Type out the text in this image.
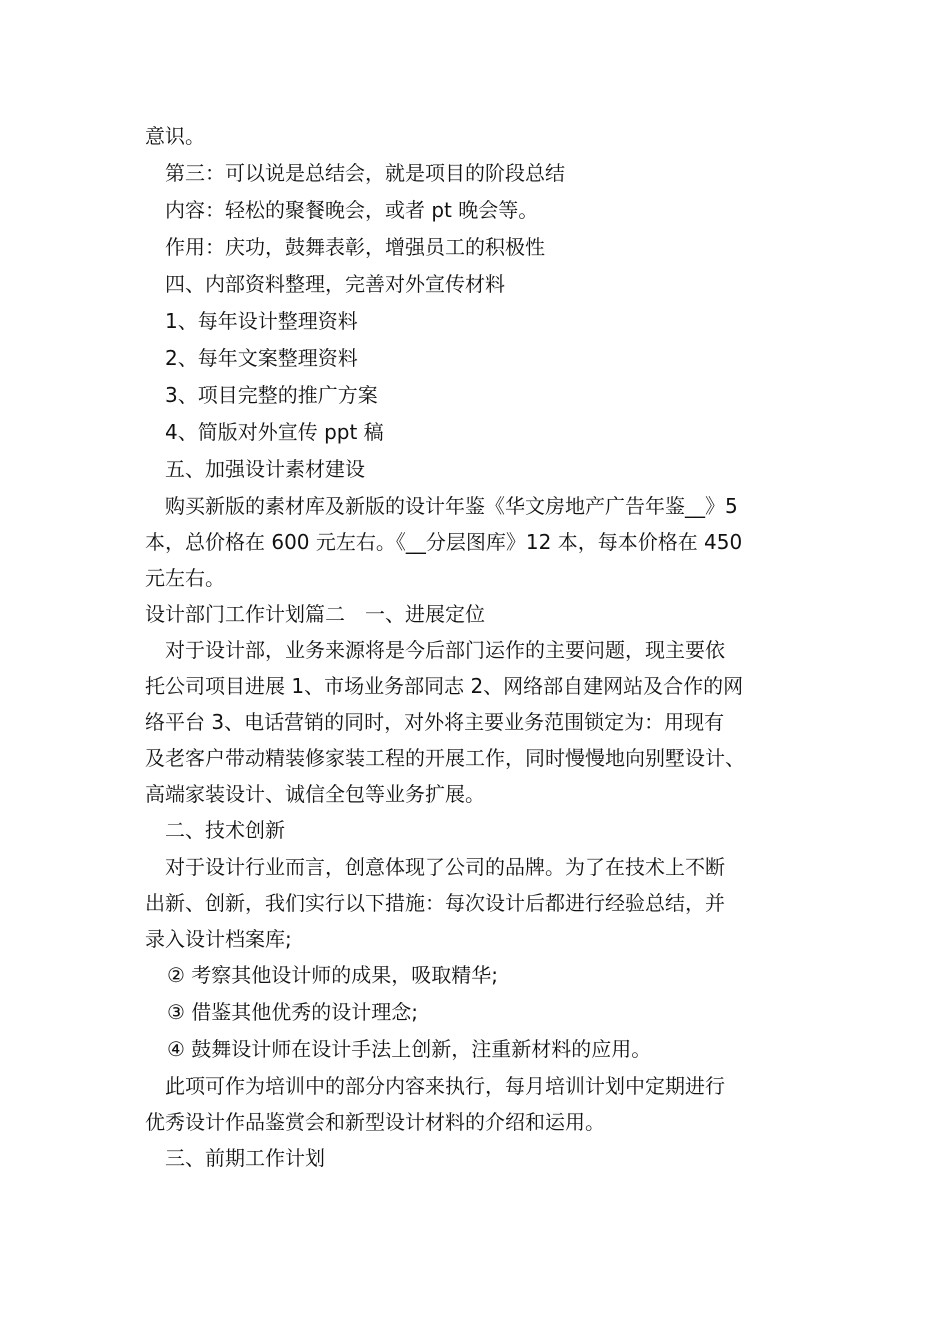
意识。
第三：可以说是总结会，就是项目的阶段总结
内容：轻松的聚餐晚会，或者 pt 晚会等。
作用：庆功，鼓舞表彰，增强员工的积极性
四、内部资料整理，完善对外宣传材料
1、每年设计整理资料
2、每年文案整理资料
3、项目完整的推广方案
4、简版对外宣传 ppt 稿
五、加强设计素材建设
购买新版的素材库及新版的设计年鉴《华文房地产广告年鉴__》5
本，总价格在 600 元左右。《__分层图库》12 本，每本价格在 450
元左右。
设计部门工作计划篇二　一、进展定位
对于设计部，业务来源将是今后部门运作的主要问题，现主要依
托公司项目进展 1、市场业务部同志 2、网络部自建网站及合作的网
络平台 3、电话营销的同时，对外将主要业务范围锁定为：用现有
及老客户带动精装修家装工程的开展工作，同时慢慢地向别墅设计、
高端家装设计、诚信全包等业务扩展。
二、技术创新
对于设计行业而言，创意体现了公司的品牌。为了在技术上不断
出新、创新，我们实行以下措施：每次设计后都进行经验总结，并
录入设计档案库;
② 考察其他设计师的成果，吸取精华;
③ 借鉴其他优秀的设计理念;
④ 鼓舞设计师在设计手法上创新，注重新材料的应用。
此项可作为培训中的部分内容来执行，每月培训计划中定期进行
优秀设计作品鉴赏会和新型设计材料的介绍和运用。
三、前期工作计划
